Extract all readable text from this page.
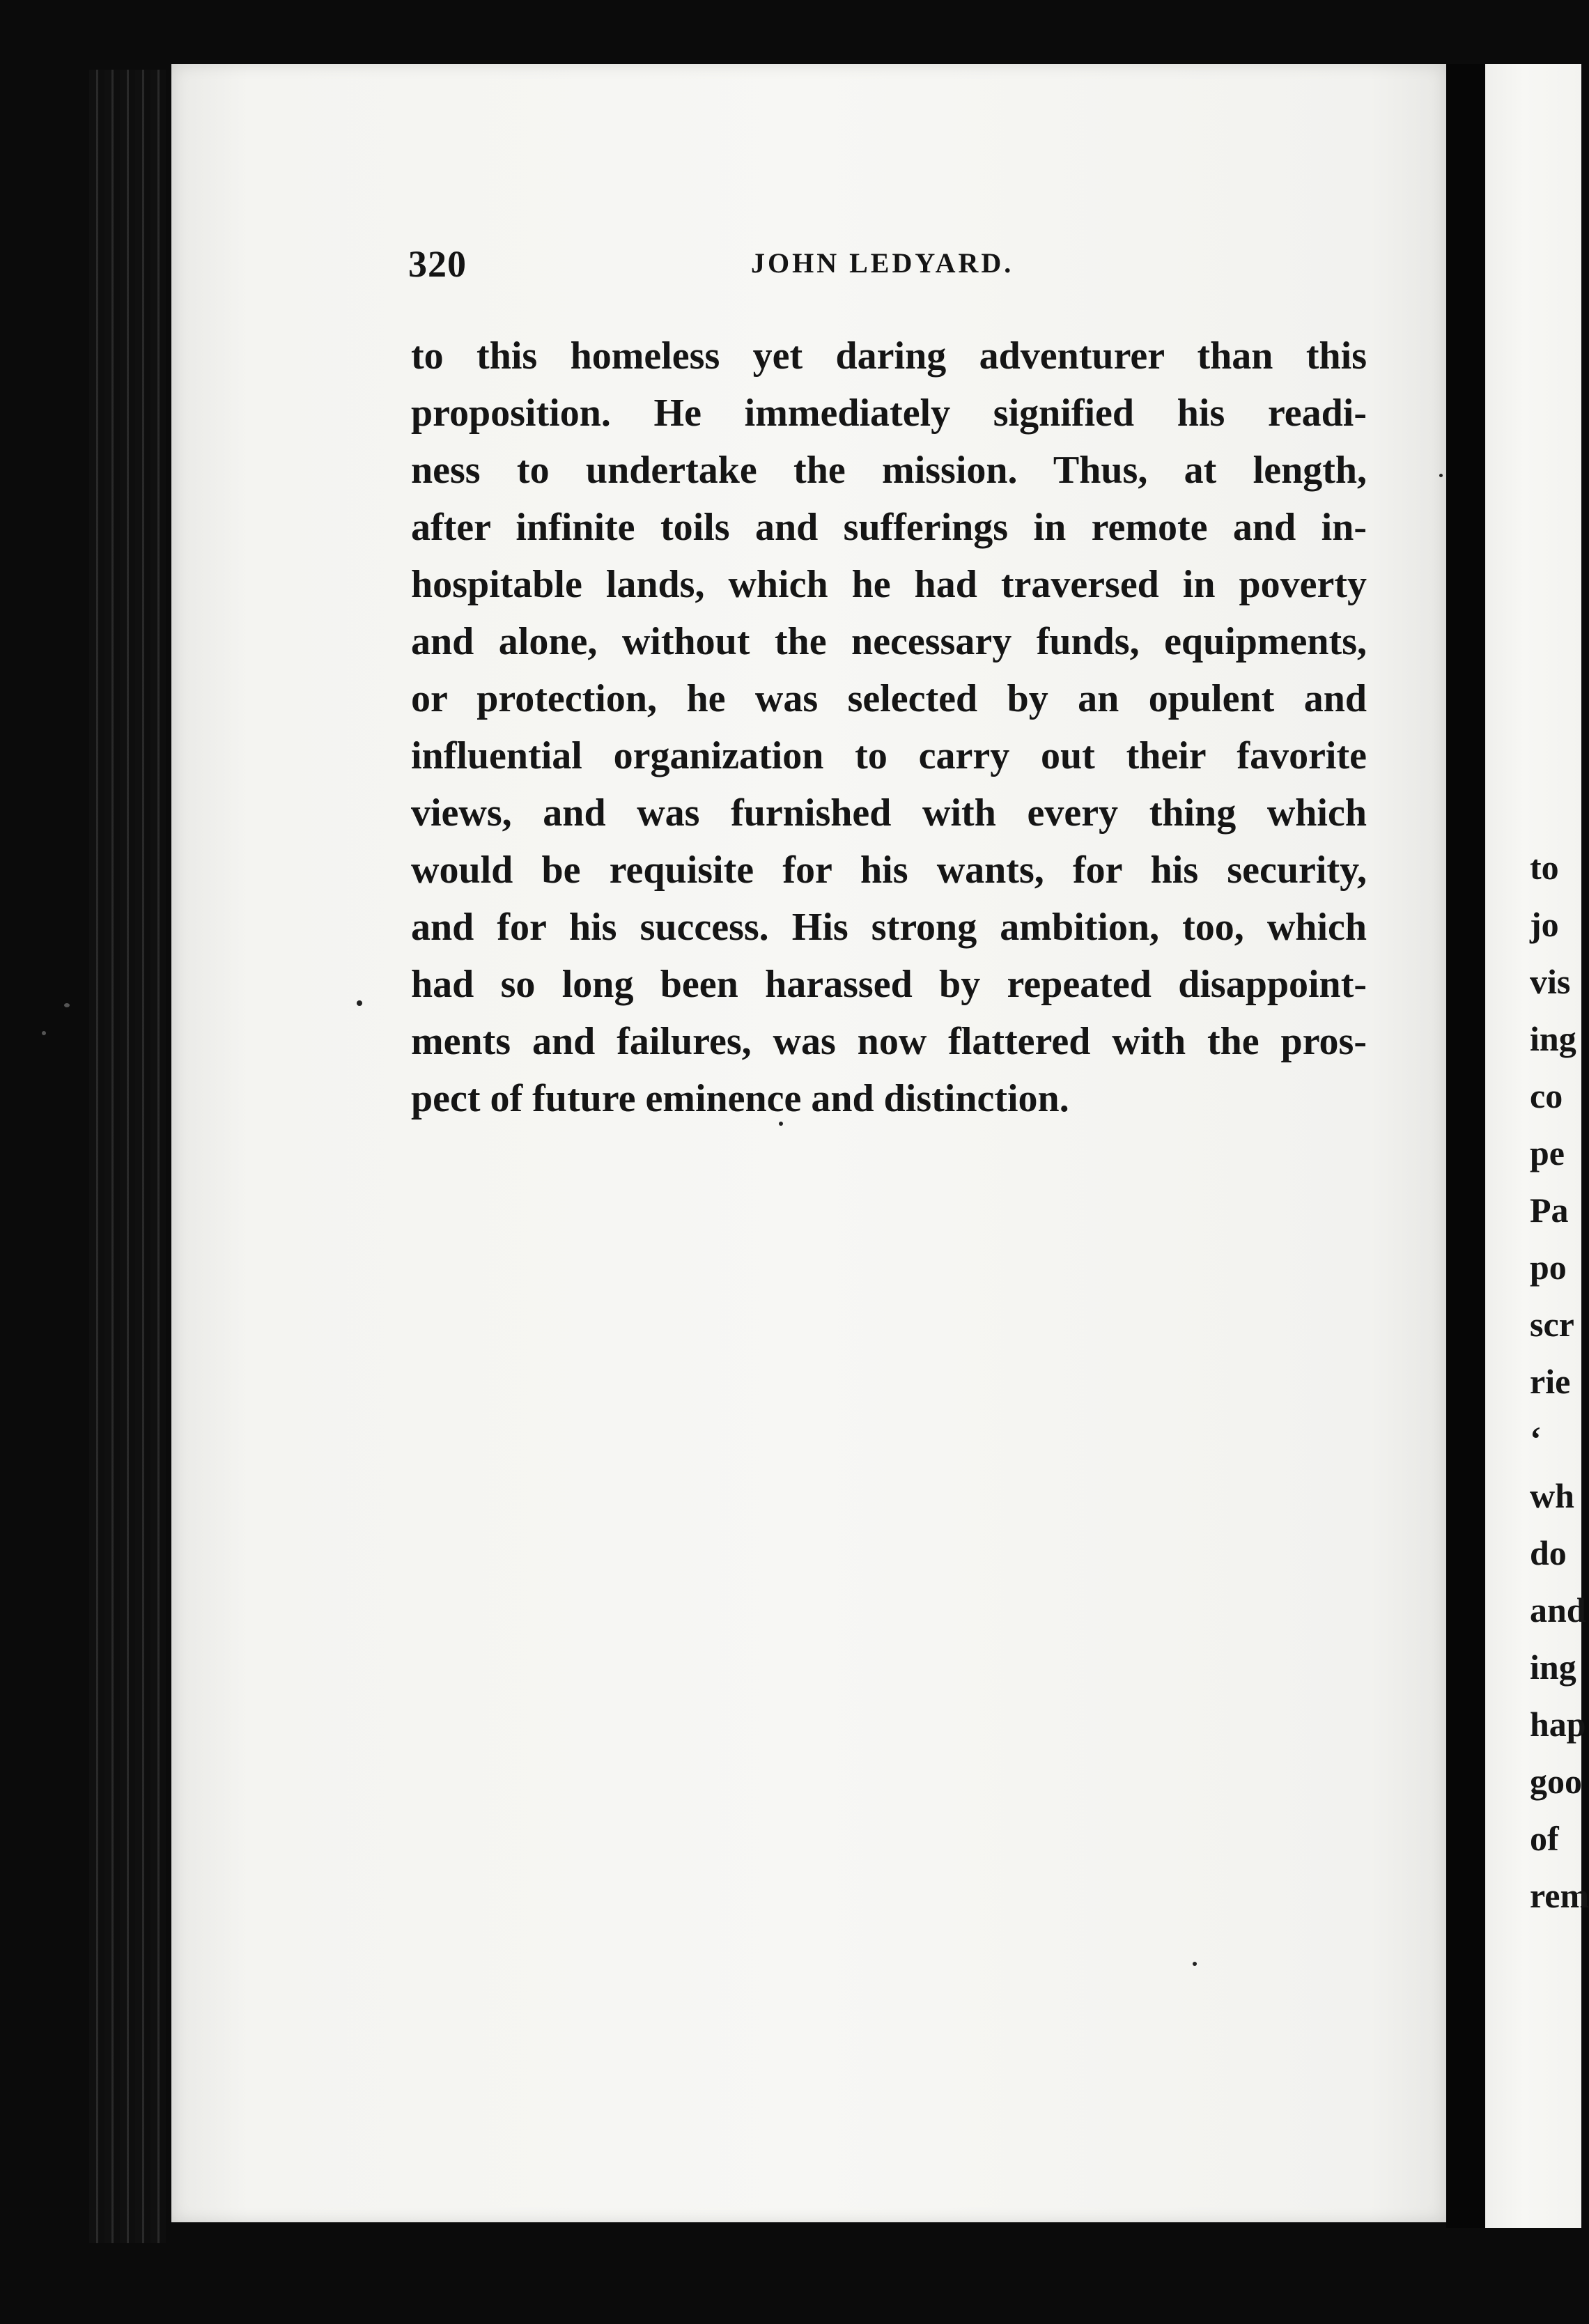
320	JOHN LEDYARD.

to this homeless yet daring adventurer than this
proposition. He immediately signified his readi-
ness to undertake the mission. Thus, at length,
after infinite toils and sufferings in remote and in-
hospitable lands, which he had traversed in poverty
and alone, without the necessary funds, equipments,
or protection, he was selected by an opulent and
influential organization to carry out their favorite
views, and was furnished with every thing which
would be requisite for his wants, for his security,
and for his success. His strong ambition, too, which
had so long been harassed by repeated disappoint-
ments and failures, was now flattered with the pros-
pect of future eminence and distinction.
to
jo
vis
ing
co
pe
Pa
po
scr
rie
‘
wh
do
and
ing
hap
goo
of
rem
